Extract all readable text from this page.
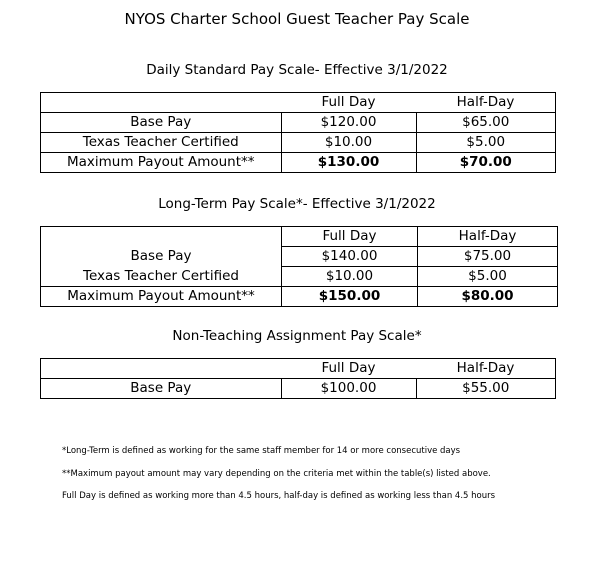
NYOS Charter School Guest Teacher Pay Scale
Daily Standard Pay Scale- Effective 3/1/2022
	Full Day	Half-Day
Base Pay	$120.00	$65.00
Texas Teacher Certified	$10.00	$5.00
Maximum Payout Amount**	$130.00	$70.00
Long-Term Pay Scale*- Effective 3/1/2022
	Full Day	Half-Day
Base Pay	$140.00	$75.00
Texas Teacher Certified	$10.00	$5.00
Maximum Payout Amount**	$150.00	$80.00
Non-Teaching Assignment Pay Scale*
	Full Day	Half-Day
Base Pay	$100.00	$55.00
*Long-Term is defined as working for the same staff member for 14 or more consecutive days
**Maximum payout amount may vary depending on the criteria met within the table(s) listed above.
Full Day is defined as working more than 4.5 hours, half-day is defined as working less than 4.5 hours
